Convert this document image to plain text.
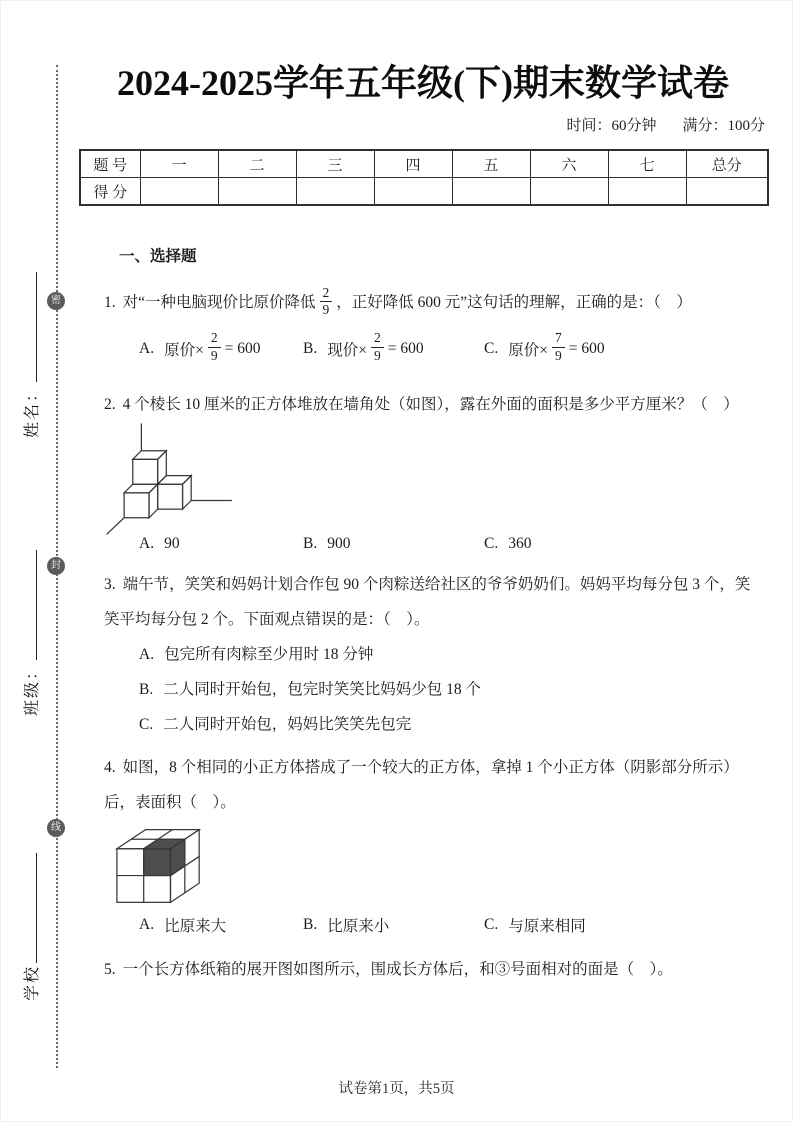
密
封
线
姓名：
班级：
学校
2024-2025学年五年级(下)期末数学试卷
时间：60分钟 满分：100分
题 号	一	二	三	四	五	六	七	总分
得 分								
一、选择题
1. 对“一种电脑现价比原价降低 $\frac{2}{9}$ ，正好降低 600 元”这句话的理解，正确的是：（　）
A. 原价× $\frac{2}{9} = 600$	B. 现价× $\frac{2}{9} = 600$	C. 原价× $\frac{7}{9} = 600$
2. 4 个棱长 10 厘米的正方体堆放在墙角处（如图），露在外面的面积是多少平方厘米？（　）
A. 90	B. 900	C. 360
3. 端午节，笑笑和妈妈计划合作包 90 个肉粽送给社区的爷爷奶奶们。妈妈平均每分包 3 个，笑笑平均每分包 2 个。下面观点错误的是：（　）。
A. 包完所有肉粽至少用时 18 分钟
B. 二人同时开始包，包完时笑笑比妈妈少包 18 个
C. 二人同时开始包，妈妈比笑笑先包完
4. 如图，8 个相同的小正方体搭成了一个较大的正方体，拿掉 1 个小正方体（阴影部分所示）后，表面积（　）。
A. 比原来大	B. 比原来小	C. 与原来相同
5. 一个长方体纸箱的展开图如图所示，围成长方体后，和③号面相对的面是（　）。
试卷第1页，共5页
